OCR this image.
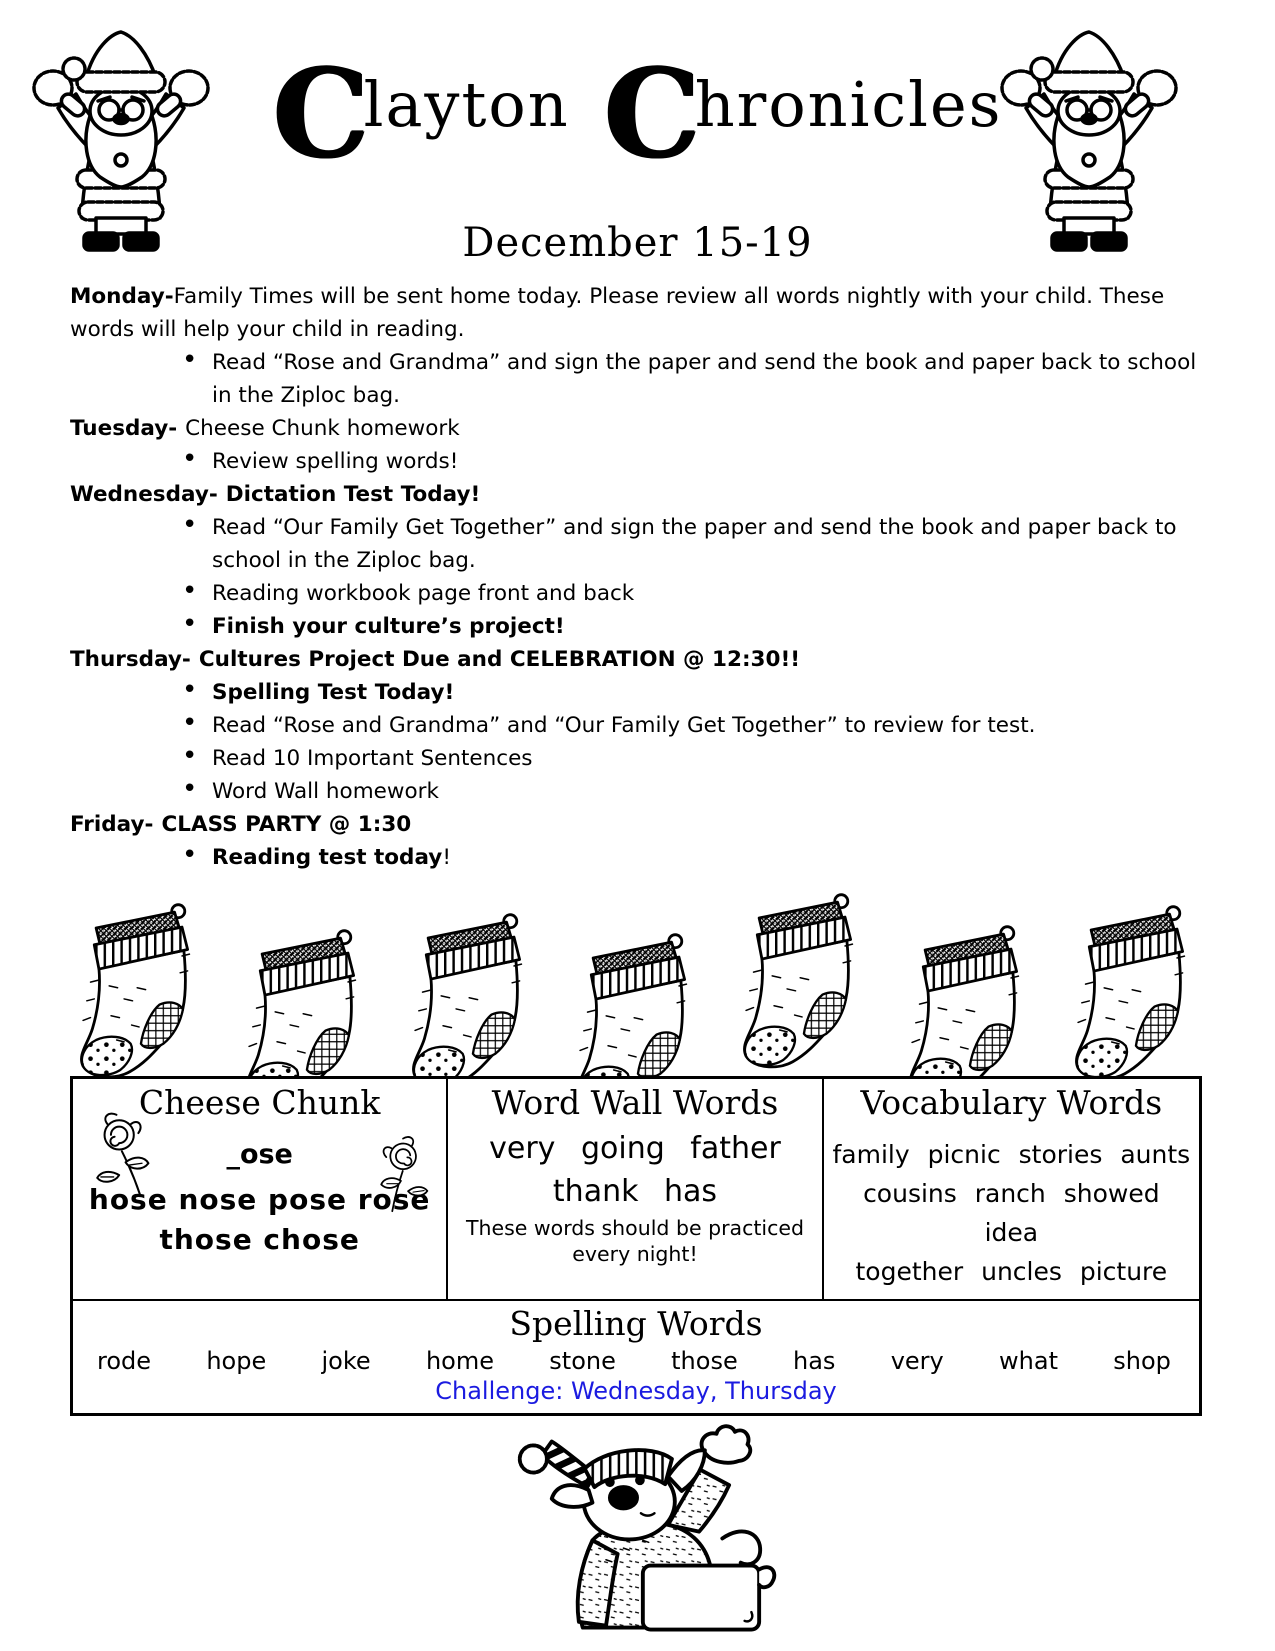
Clayton Chronicles
December 15-19

Monday-Family Times will be sent home today. Please review all words nightly with your child. These words will help your child in reading.

• Read “Rose and Grandma” and sign the paper and send the book and paper back to school in the Ziploc bag.

Tuesday- Cheese Chunk homework

• Review spelling words!

Wednesday- Dictation Test Today!

• Read “Our Family Get Together” and sign the paper and send the book and paper back to school in the Ziploc bag.
• Reading workbook page front and back
• Finish your culture’s project!

Thursday- Cultures Project Due and CELEBRATION @ 12:30!!

• Spelling Test Today!
• Read “Rose and Grandma” and “Our Family Get Together” to review for test.
• Read 10 Important Sentences
• Word Wall homework

Friday- CLASS PARTY @ 1:30

• Reading test today!
Cheese Chunk
_ose
hose nose pose rose
those chose
Word Wall Words
very going father
thank has
These words should be practiced every night!
Vocabulary Words
family picnic stories aunts
cousins ranch showed idea
together uncles picture
Spelling Words
rode hope joke home stone those has very what shop
Challenge: Wednesday, Thursday
